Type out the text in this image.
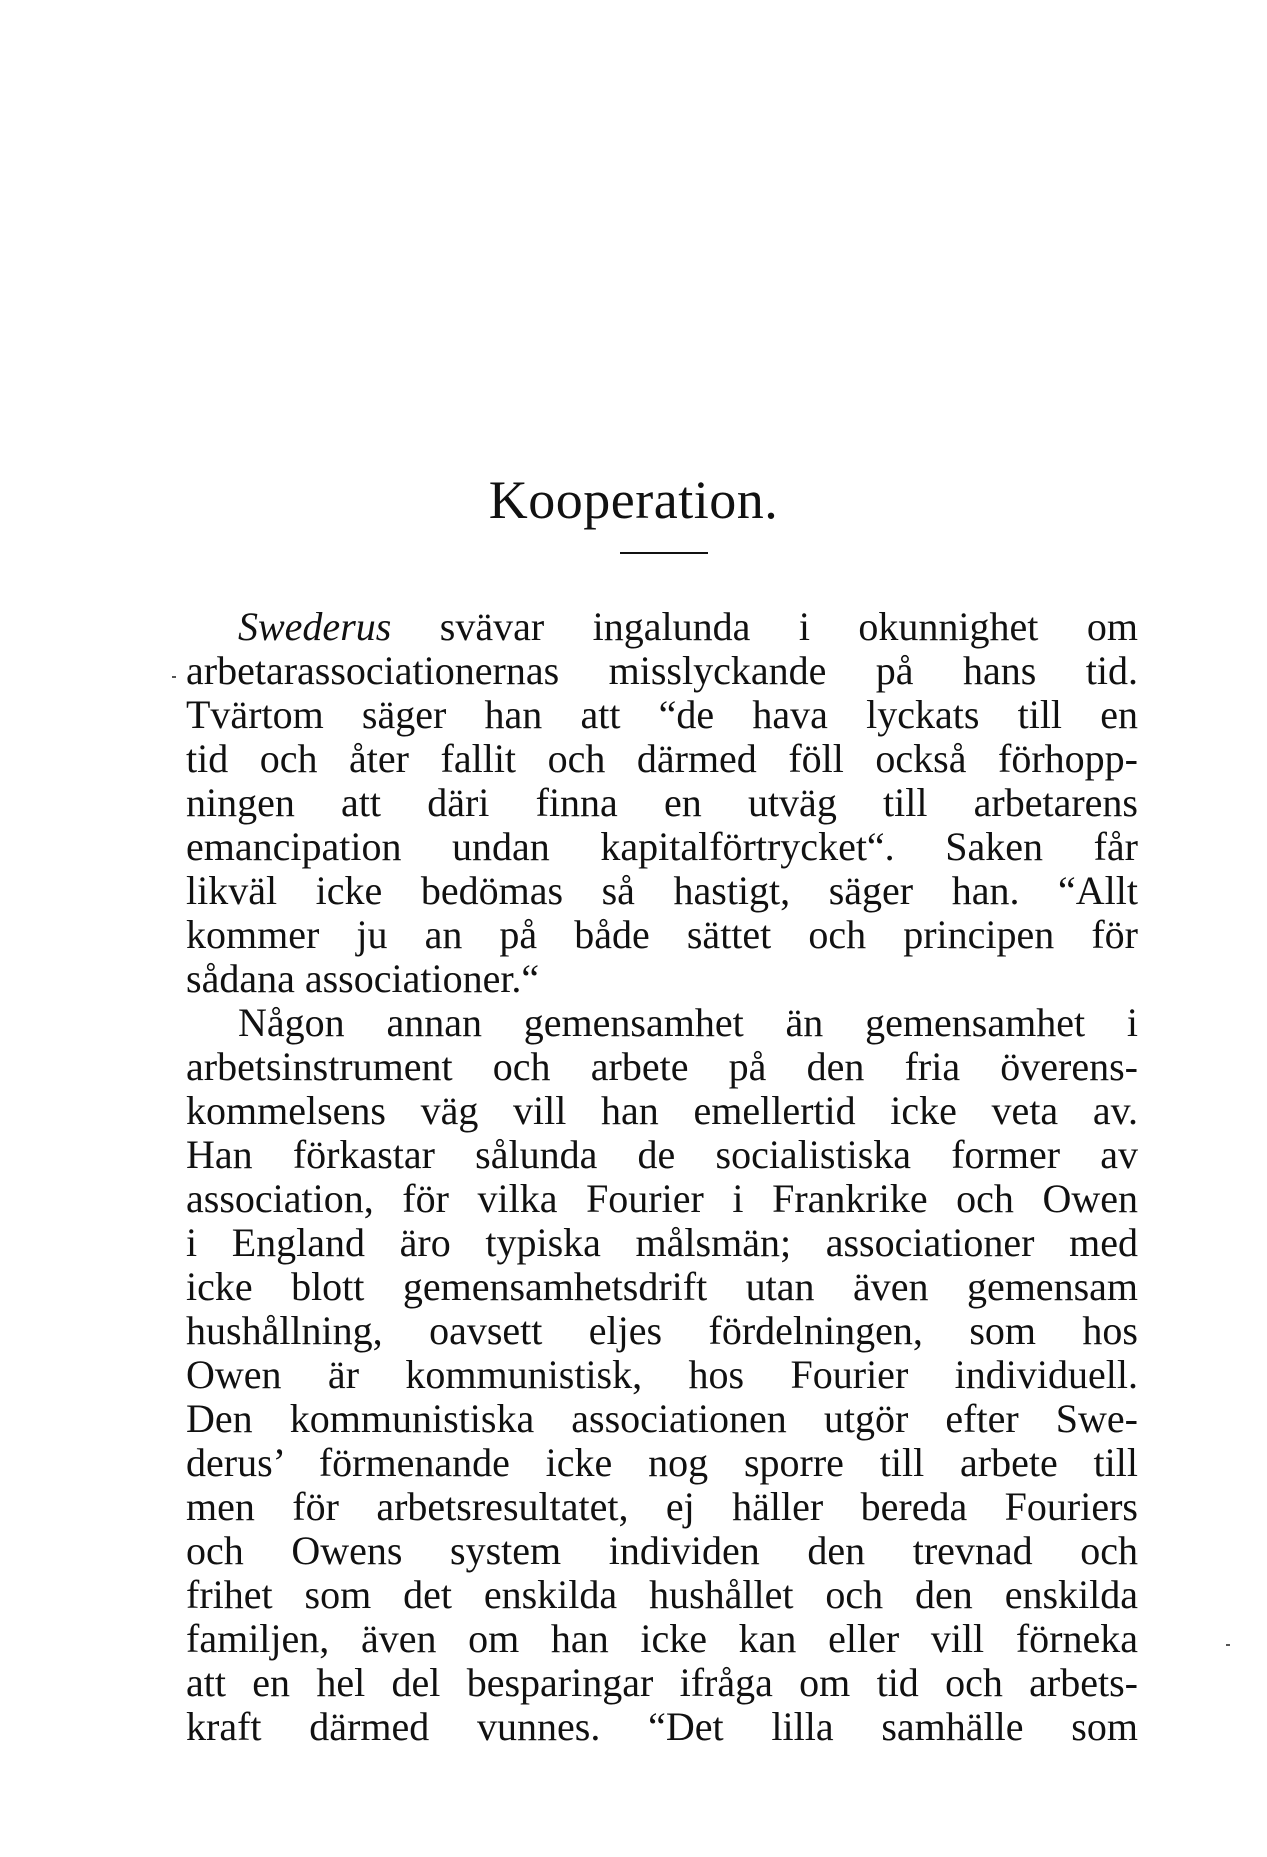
Kooperation.
Swederus svävar ingalunda i okunnighet om
arbetarassociationernas misslyckande på hans tid.
Tvärtom säger han att “de hava lyckats till en
tid och åter fallit och därmed föll också förhopp-
ningen att däri finna en utväg till arbetarens
emancipation undan kapitalförtrycket“. Saken får
likväl icke bedömas så hastigt, säger han. “Allt
kommer ju an på både sättet och principen för
sådana associationer.“
Någon annan gemensamhet än gemensamhet i
arbetsinstrument och arbete på den fria överens-
kommelsens väg vill han emellertid icke veta av.
Han förkastar sålunda de socialistiska former av
association, för vilka Fourier i Frankrike och Owen
i England äro typiska målsmän; associationer med
icke blott gemensamhetsdrift utan även gemensam
hushållning, oavsett eljes fördelningen, som hos
Owen är kommunistisk, hos Fourier individuell.
Den kommunistiska associationen utgör efter Swe-
derus’ förmenande icke nog sporre till arbete till
men för arbetsresultatet, ej häller bereda Fouriers
och Owens system individen den trevnad och
frihet som det enskilda hushållet och den enskilda
familjen, även om han icke kan eller vill förneka
att en hel del besparingar ifråga om tid och arbets-
kraft därmed vunnes. “Det lilla samhälle som
